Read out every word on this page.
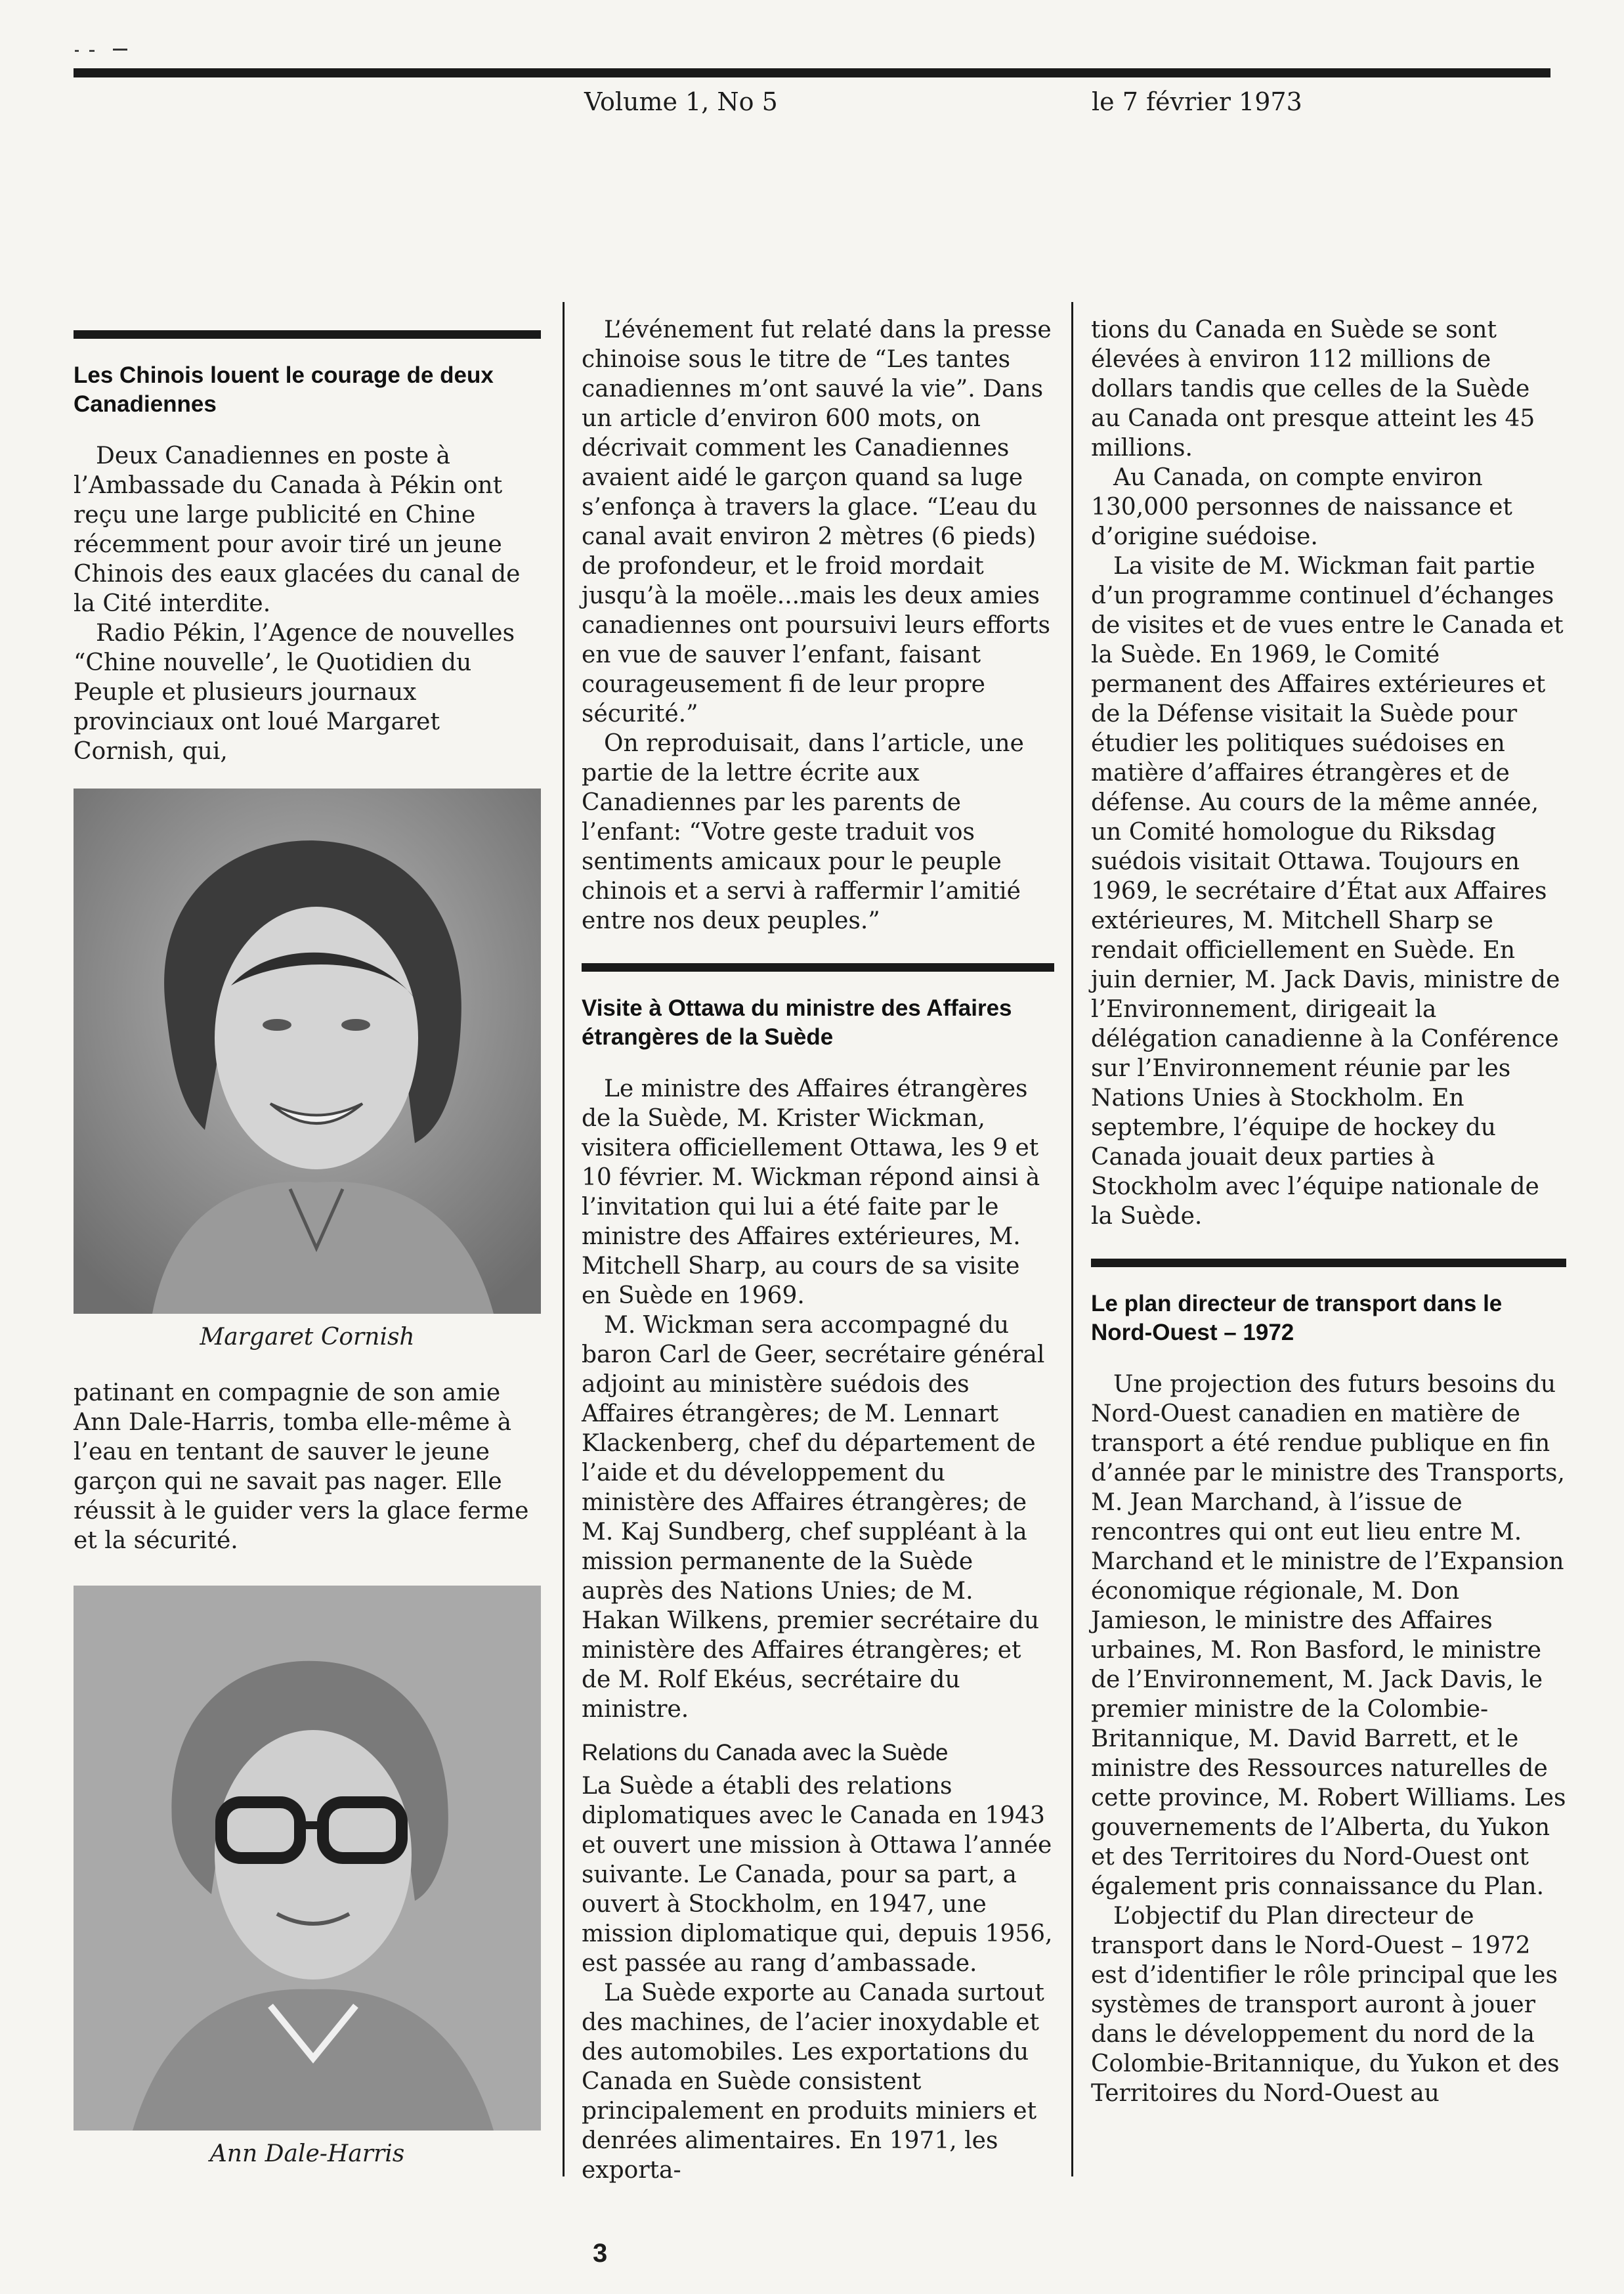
Volume 1, No 5	le 7 février 1973
Les Chinois louent le courage de deux Canadiennes

Deux Canadiennes en poste à l’Ambassade du Canada à Pékin ont reçu une large publicité en Chine récemment pour avoir tiré un jeune Chinois des eaux glacées du canal de la Cité interdite.

Radio Pékin, l’Agence de nouvelles “Chine nouvelle’, le Quotidien du Peuple et plusieurs journaux provinciaux ont loué Margaret Cornish, qui,

Margaret Cornish

patinant en compagnie de son amie Ann Dale-Harris, tomba elle-même à l’eau en tentant de sauver le jeune garçon qui ne savait pas nager. Elle réussit à le guider vers la glace ferme et la sécurité.

Ann Dale-Harris

L’événement fut relaté dans la presse chinoise sous le titre de “Les tantes canadiennes m’ont sauvé la vie”. Dans un article d’environ 600 mots, on décrivait comment les Canadiennes avaient aidé le garçon quand sa luge s’enfonça à travers la glace. “L’eau du canal avait environ 2 mètres (6 pieds) de profondeur, et le froid mordait jusqu’à la moële...mais les deux amies canadiennes ont poursuivi leurs efforts en vue de sauver l’enfant, faisant courageusement fi de leur propre sécurité.”

On reproduisait, dans l’article, une partie de la lettre écrite aux Canadiennes par les parents de l’enfant: “Votre geste traduit vos sentiments amicaux pour le peuple chinois et a servi à raffermir l’amitié entre nos deux peuples.”

Visite à Ottawa du ministre des Affaires étrangères de la Suède

Le ministre des Affaires étrangères de la Suède, M. Krister Wickman, visitera officiellement Ottawa, les 9 et 10 février. M. Wickman répond ainsi à l’invitation qui lui a été faite par le ministre des Affaires extérieures, M. Mitchell Sharp, au cours de sa visite en Suède en 1969.

M. Wickman sera accompagné du baron Carl de Geer, secrétaire général adjoint au ministère suédois des Affaires étrangères; de M. Lennart Klackenberg, chef du département de l’aide et du développement du ministère des Affaires étrangères; de M. Kaj Sundberg, chef suppléant à la mission permanente de la Suède auprès des Nations Unies; de M. Hakan Wilkens, premier secrétaire du ministère des Affaires étrangères; et de M. Rolf Ekéus, secrétaire du ministre.

Relations du Canada avec la Suède

La Suède a établi des relations diplomatiques avec le Canada en 1943 et ouvert une mission à Ottawa l’année suivante. Le Canada, pour sa part, a ouvert à Stockholm, en 1947, une mission diplomatique qui, depuis 1956, est passée au rang d’ambassade.

La Suède exporte au Canada surtout des machines, de l’acier inoxydable et des automobiles. Les exportations du Canada en Suède consistent principalement en produits miniers et denrées alimentaires. En 1971, les exporta-

tions du Canada en Suède se sont élevées à environ 112 millions de dollars tandis que celles de la Suède au Canada ont presque atteint les 45 millions.

Au Canada, on compte environ 130,000 personnes de naissance et d’origine suédoise.

La visite de M. Wickman fait partie d’un programme continuel d’échanges de visites et de vues entre le Canada et la Suède. En 1969, le Comité permanent des Affaires extérieures et de la Défense visitait la Suède pour étudier les politiques suédoises en matière d’affaires étrangères et de défense. Au cours de la même année, un Comité homologue du Riksdag suédois visitait Ottawa. Toujours en 1969, le secrétaire d’État aux Affaires extérieures, M. Mitchell Sharp se rendait officiellement en Suède. En juin dernier, M. Jack Davis, ministre de l’Environnement, dirigeait la délégation canadienne à la Conférence sur l’Environnement réunie par les Nations Unies à Stockholm. En septembre, l’équipe de hockey du Canada jouait deux parties à Stockholm avec l’équipe nationale de la Suède.

Le plan directeur de transport dans le Nord-Ouest – 1972

Une projection des futurs besoins du Nord-Ouest canadien en matière de transport a été rendue publique en fin d’année par le ministre des Transports, M. Jean Marchand, à l’issue de rencontres qui ont eut lieu entre M. Marchand et le ministre de l’Expansion économique régionale, M. Don Jamieson, le ministre des Affaires urbaines, M. Ron Basford, le ministre de l’Environnement, M. Jack Davis, le premier ministre de la Colombie-Britannique, M. David Barrett, et le ministre des Ressources naturelles de cette province, M. Robert Williams. Les gouvernements de l’Alberta, du Yukon et des Territoires du Nord-Ouest ont également pris connaissance du Plan.

L’objectif du Plan directeur de transport dans le Nord-Ouest – 1972 est d’identifier le rôle principal que les systèmes de transport auront à jouer dans le développement du nord de la Colombie-Britannique, du Yukon et des Territoires du Nord-Ouest au

3
